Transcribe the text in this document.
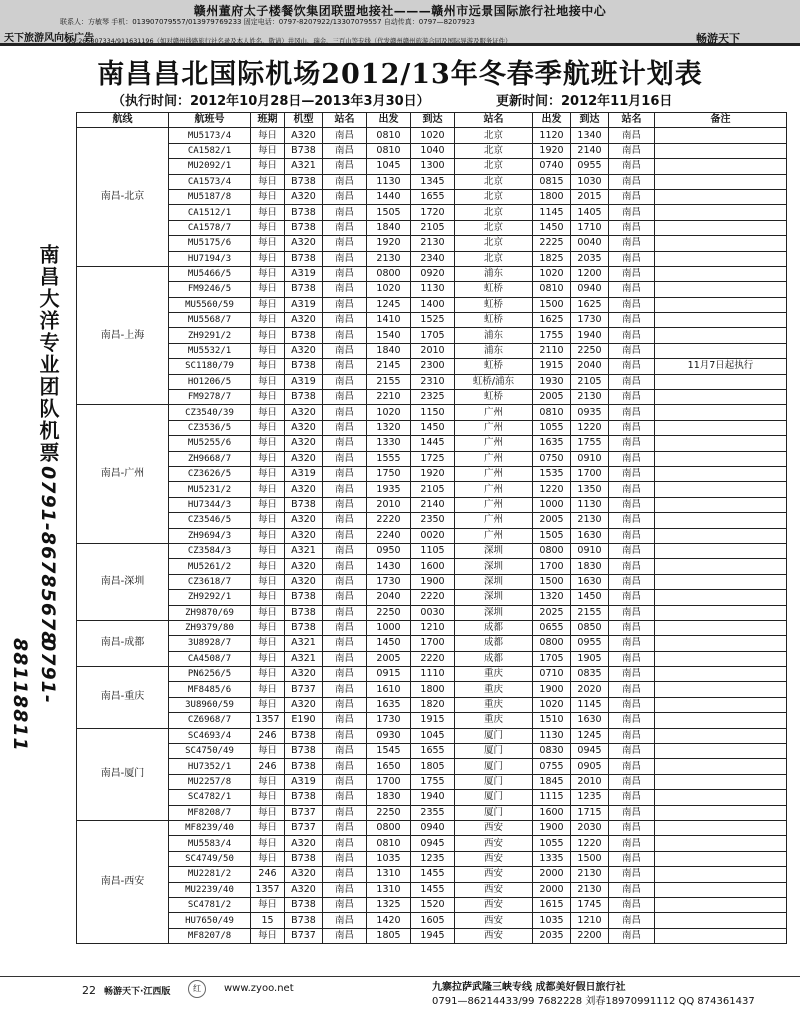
赣州董府太子楼餐饮集团联盟地接社———赣州市远景国际旅行社地接中心
联系人：方敏琴 手机：013907079557/013979769233 固定电话：0797-8207922/13307079557 自动传真：0797—8207923
天下旅游风向标广告	畅游天下
QQ:265807334/911631196（如对赣州线路旅行社名录及本人姓名，敬请）井冈山、瑞金、三百山等专线（代发赣州赣州旅游合同及国际导游及服务证件）
南昌昌北国际机场2012/13年冬春季航班计划表
（执行时间：2012年10月28日—2013年3月30日）	更新时间：2012年11月16日
南昌大洋专业团队机票
0791-86785678
0791-88118811
航线	航班号	班期	机型	站名	出发	到达	站名	出发	到达	站名	备注
南昌-北京	MU5173/4	每日	A320	南昌	0810	1020	北京	1120	1340	南昌	
	CA1582/1	每日	B738	南昌	0810	1040	北京	1920	2140	南昌	
	MU2092/1	每日	A321	南昌	1045	1300	北京	0740	0955	南昌	
	CA1573/4	每日	B738	南昌	1130	1345	北京	0815	1030	南昌	
	MU5187/8	每日	A320	南昌	1440	1655	北京	1800	2015	南昌	
	CA1512/1	每日	B738	南昌	1505	1720	北京	1145	1405	南昌	
	CA1578/7	每日	B738	南昌	1840	2105	北京	1450	1710	南昌	
	MU5175/6	每日	A320	南昌	1920	2130	北京	2225	0040	南昌	
	HU7194/3	每日	B738	南昌	2130	2340	北京	1825	2035	南昌	
南昌-上海	MU5466/5	每日	A319	南昌	0800	0920	浦东	1020	1200	南昌	
	FM9246/5	每日	B738	南昌	1020	1130	虹桥	0810	0940	南昌	
	MU5560/59	每日	A319	南昌	1245	1400	虹桥	1500	1625	南昌	
	MU5568/7	每日	A320	南昌	1410	1525	虹桥	1625	1730	南昌	
	ZH9291/2	每日	B738	南昌	1540	1705	浦东	1755	1940	南昌	
	MU5532/1	每日	A320	南昌	1840	2010	浦东	2110	2250	南昌	
	SC1180/79	每日	B738	南昌	2145	2300	虹桥	1915	2040	南昌	11月7日起执行
	HO1206/5	每日	A319	南昌	2155	2310	虹桥/浦东	1930	2105	南昌	
	FM9278/7	每日	B738	南昌	2210	2325	虹桥	2005	2130	南昌	
南昌-广州	CZ3540/39	每日	A320	南昌	1020	1150	广州	0810	0935	南昌	
	CZ3536/5	每日	A320	南昌	1320	1450	广州	1055	1220	南昌	
	MU5255/6	每日	A320	南昌	1330	1445	广州	1635	1755	南昌	
	ZH9668/7	每日	A320	南昌	1555	1725	广州	0750	0910	南昌	
	CZ3626/5	每日	A319	南昌	1750	1920	广州	1535	1700	南昌	
	MU5231/2	每日	A320	南昌	1935	2105	广州	1220	1350	南昌	
	HU7344/3	每日	B738	南昌	2010	2140	广州	1000	1130	南昌	
	CZ3546/5	每日	A320	南昌	2220	2350	广州	2005	2130	南昌	
	ZH9694/3	每日	A320	南昌	2240	0020	广州	1505	1630	南昌	
南昌-深圳	CZ3584/3	每日	A321	南昌	0950	1105	深圳	0800	0910	南昌	
	MU5261/2	每日	A320	南昌	1430	1600	深圳	1700	1830	南昌	
	CZ3618/7	每日	A320	南昌	1730	1900	深圳	1500	1630	南昌	
	ZH9292/1	每日	B738	南昌	2040	2220	深圳	1320	1450	南昌	
	ZH9870/69	每日	B738	南昌	2250	0030	深圳	2025	2155	南昌	
南昌-成都	ZH9379/80	每日	B738	南昌	1000	1210	成都	0655	0850	南昌	
	3U8928/7	每日	A321	南昌	1450	1700	成都	0800	0955	南昌	
	CA4508/7	每日	A321	南昌	2005	2220	成都	1705	1905	南昌	
南昌-重庆	PN6256/5	每日	A320	南昌	0915	1110	重庆	0710	0835	南昌	
	MF8485/6	每日	B737	南昌	1610	1800	重庆	1900	2020	南昌	
	3U8960/59	每日	A320	南昌	1635	1820	重庆	1020	1145	南昌	
	CZ6968/7	1357	E190	南昌	1730	1915	重庆	1510	1630	南昌	
南昌-厦门	SC4693/4	246	B738	南昌	0930	1045	厦门	1130	1245	南昌	
	SC4750/49	每日	B738	南昌	1545	1655	厦门	0830	0945	南昌	
	HU7352/1	246	B738	南昌	1650	1805	厦门	0755	0905	南昌	
	MU2257/8	每日	A319	南昌	1700	1755	厦门	1845	2010	南昌	
	SC4782/1	每日	B738	南昌	1830	1940	厦门	1115	1235	南昌	
	MF8208/7	每日	B737	南昌	2250	2355	厦门	1600	1715	南昌	
南昌-西安	MF8239/40	每日	B737	南昌	0800	0940	西安	1900	2030	南昌	
	MU5583/4	每日	A320	南昌	0810	0945	西安	1055	1220	南昌	
	SC4749/50	每日	B738	南昌	1035	1235	西安	1335	1500	南昌	
	MU2281/2	246	A320	南昌	1310	1455	西安	2000	2130	南昌	
	MU2239/40	1357	A320	南昌	1310	1455	西安	2000	2130	南昌	
	SC4781/2	每日	B738	南昌	1325	1520	西安	1615	1745	南昌	
	HU7650/49	15	B738	南昌	1420	1605	西安	1035	1210	南昌	
	MF8207/8	每日	B737	南昌	1805	1945	西安	2035	2200	南昌	
22 畅游天下·江西版	红	www.zyoo.net	九寨拉萨武隆三峡专线 成都美好假日旅行社
0791—86214433/99 7682228 刘春18970991112 QQ 874361437
